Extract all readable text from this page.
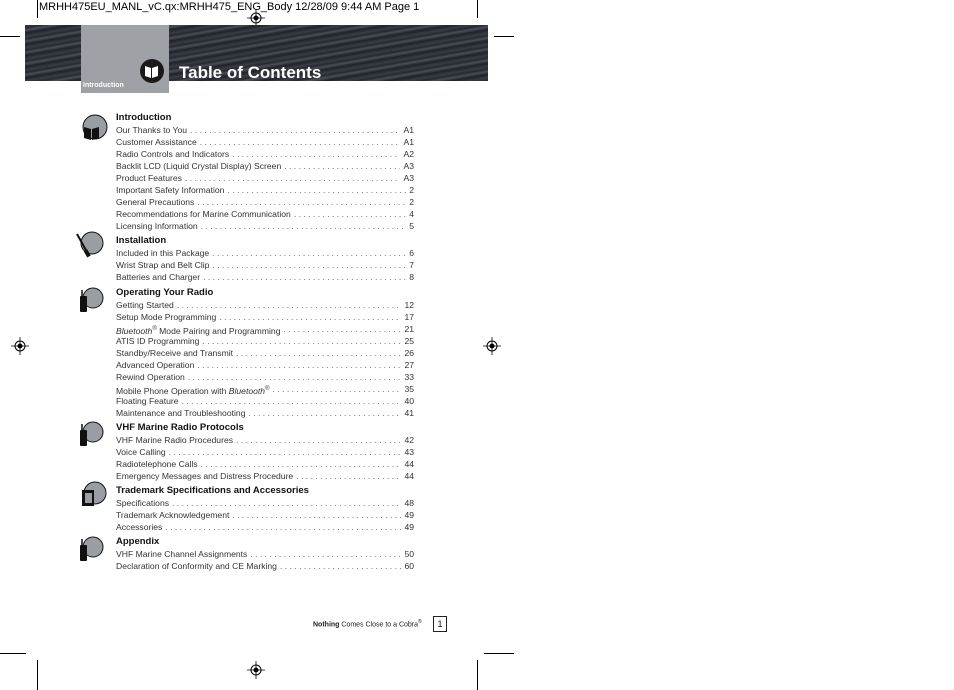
MRHH475EU_MANL_vC.qx:MRHH475_ENG_Body 12/28/09 9:44 AM Page 1
Introduction
Table of Contents
Introduction
Our Thanks to You . . .	A1
Customer Assistance . . .	A1
Radio Controls and Indicators . . .	A2
Backlit LCD (Liquid Crystal Display) Screen . . .	A3
Product Features . . .	A3
Important Safety Information . . .	2
General Precautions . . .	2
Recommendations for Marine Communication . . .	4
Licensing Information . . .	5
Installation
Included in this Package . . .	6
Wrist Strap and Belt Clip . . .	7
Batteries and Charger . . .	8
Operating Your Radio
Getting Started . . .	12
Setup Mode Programming . . .	17
Bluetooth® Mode Pairing and Programming . . .	21
ATIS ID Programming . . .	25
Standby/Receive and Transmit . . .	26
Advanced Operation . . .	27
Rewind Operation . . .	33
Mobile Phone Operation with Bluetooth® . . .	35
Floating Feature . . .	40
Maintenance and Troubleshooting . . .	41
VHF Marine Radio Protocols
VHF Marine Radio Procedures . . .	42
Voice Calling . . .	43
Radiotelephone Calls . . .	44
Emergency Messages and Distress Procedure . . .	44
Trademark Specifications and Accessories
Specifications . . .	48
Trademark Acknowledgement . . .	49
Accessories . . .	49
Appendix
VHF Marine Channel Assignments . . .	50
Declaration of Conformity and CE Marking . . .	60
Nothing Comes Close to a Cobra®	1
